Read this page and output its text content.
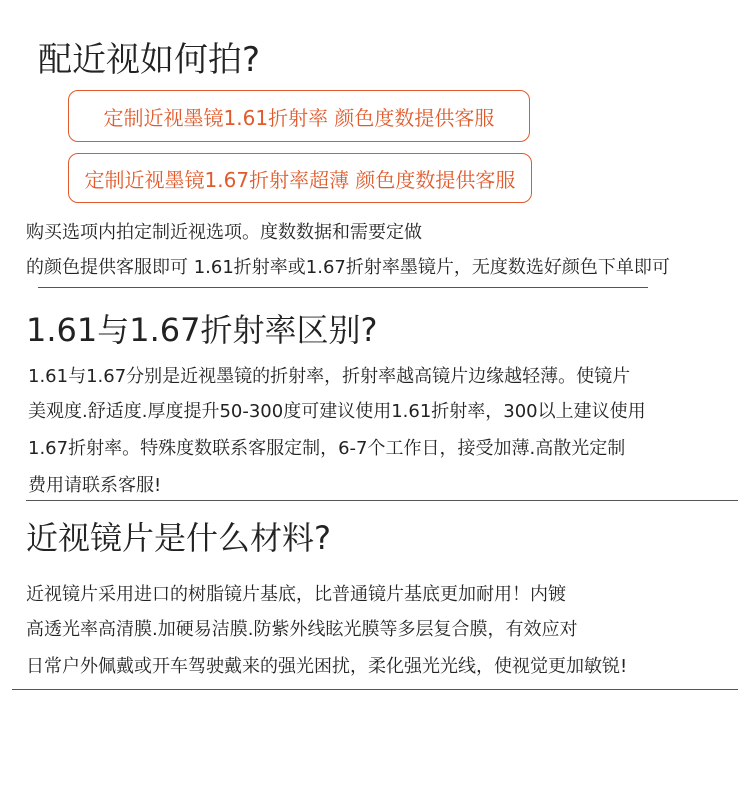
配近视如何拍?
定制近视墨镜1.61折射率 颜色度数提供客服
定制近视墨镜1.67折射率超薄 颜色度数提供客服
购买选项内拍定制近视选项。度数数据和需要定做
的颜色提供客服即可 1.61折射率或1.67折射率墨镜片，无度数选好颜色下单即可
1.61与1.67折射率区别?
1.61与1.67分别是近视墨镜的折射率，折射率越高镜片边缘越轻薄。使镜片
美观度.舒适度.厚度提升50-300度可建议使用1.61折射率，300以上建议使用
1.67折射率。特殊度数联系客服定制，6-7个工作日，接受加薄.高散光定制
费用请联系客服!
近视镜片是什么材料?
近视镜片采用进口的树脂镜片基底，比普通镜片基底更加耐用！内镀
高透光率高清膜.加硬易洁膜.防紫外线眩光膜等多层复合膜，有效应对
日常户外佩戴或开车驾驶戴来的强光困扰，柔化强光光线，使视觉更加敏锐!
